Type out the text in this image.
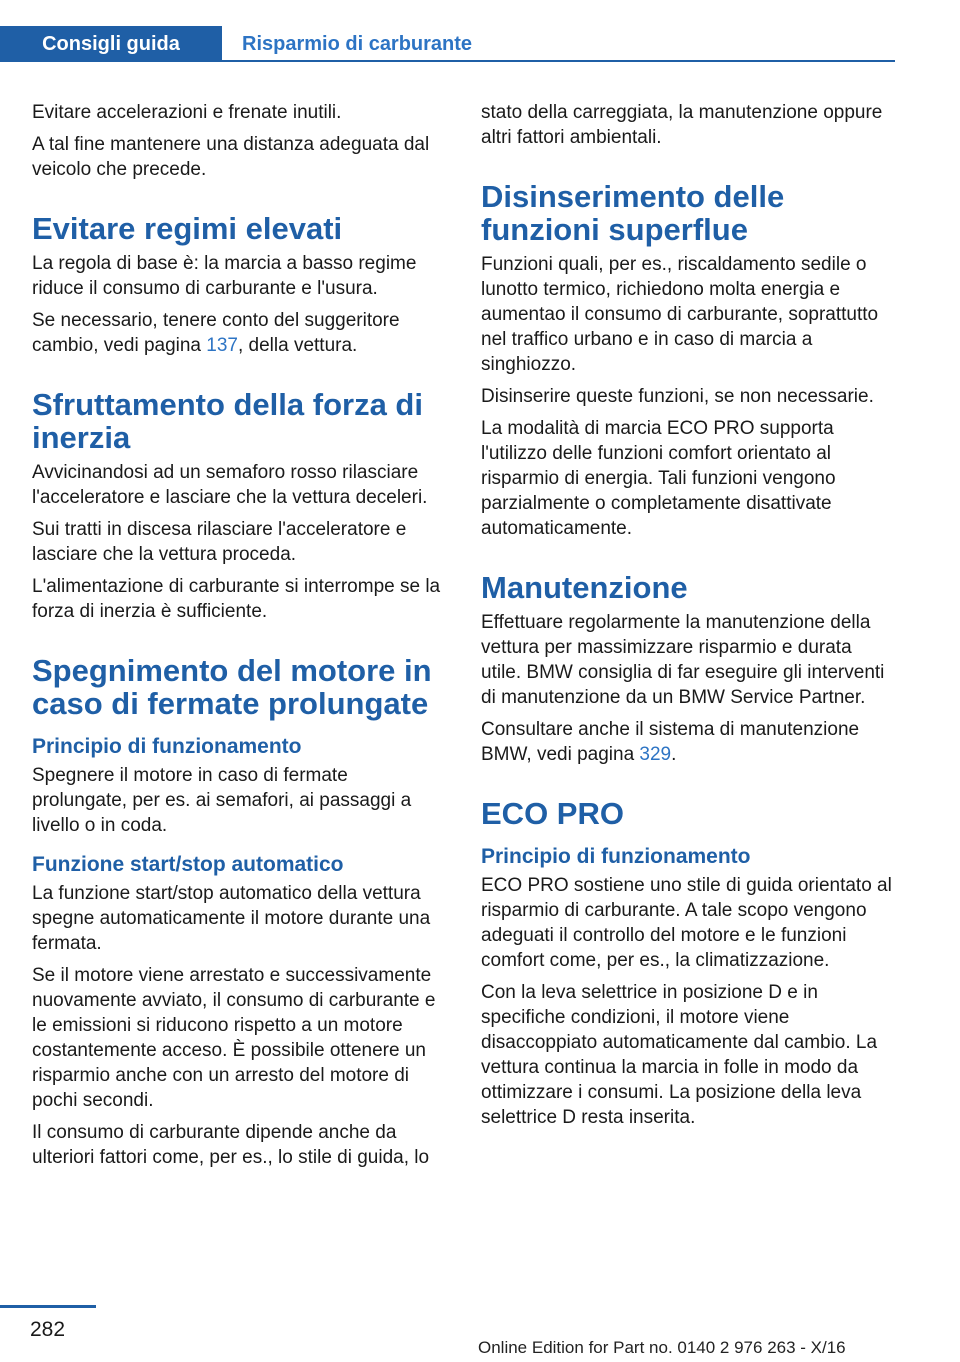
Consigli guida	Risparmio di carburante

Evitare accelerazioni e frenate inutili.

A tal fine mantenere una distanza adeguata dal veicolo che precede.

Evitare regimi elevati

La regola di base è: la marcia a basso regime riduce il consumo di carburante e l'usura.

Se necessario, tenere conto del suggeritore cambio, vedi pagina 137, della vettura.

Sfruttamento della forza di inerzia

Avvicinandosi ad un semaforo rosso rilasciare l'acceleratore e lasciare che la vettura deceleri.

Sui tratti in discesa rilasciare l'acceleratore e lasciare che la vettura proceda.

L'alimentazione di carburante si interrompe se la forza di inerzia è sufficiente.

Spegnimento del motore in caso di fermate prolungate
Principio di funzionamento

Spegnere il motore in caso di fermate prolungate, per es. ai semafori, ai passaggi a livello o in coda.

Funzione start/stop automatico

La funzione start/stop automatico della vettura spegne automaticamente il motore durante una fermata.

Se il motore viene arrestato e successivamente nuovamente avviato, il consumo di carburante e le emissioni si riducono rispetto a un motore costantemente acceso. È possibile ottenere un risparmio anche con un arresto del motore di pochi secondi.

Il consumo di carburante dipende anche da ulteriori fattori come, per es., lo stile di guida, lo

stato della carreggiata, la manutenzione oppure altri fattori ambientali.

Disinserimento delle funzioni superflue

Funzioni quali, per es., riscaldamento sedile o lunotto termico, richiedono molta energia e aumentao il consumo di carburante, soprattutto nel traffico urbano e in caso di marcia a singhiozzo.

Disinserire queste funzioni, se non necessarie.

La modalità di marcia ECO PRO supporta l'utilizzo delle funzioni comfort orientato al risparmio di energia. Tali funzioni vengono parzialmente o completamente disattivate automaticamente.

Manutenzione

Effettuare regolarmente la manutenzione della vettura per massimizzare risparmio e durata utile. BMW consiglia di far eseguire gli interventi di manutenzione da un BMW Service Partner.

Consultare anche il sistema di manutenzione BMW, vedi pagina 329.

ECO PRO
Principio di funzionamento

ECO PRO sostiene uno stile di guida orientato al risparmio di carburante. A tale scopo vengono adeguati il controllo del motore e le funzioni comfort come, per es., la climatizzazione.

Con la leva selettrice in posizione D e in specifiche condizioni, il motore viene disaccoppiato automaticamente dal cambio. La vettura continua la marcia in folle in modo da ottimizzare i consumi. La posizione della leva selettrice D resta inserita.

282
Online Edition for Part no. 0140 2 976 263 - X/16
